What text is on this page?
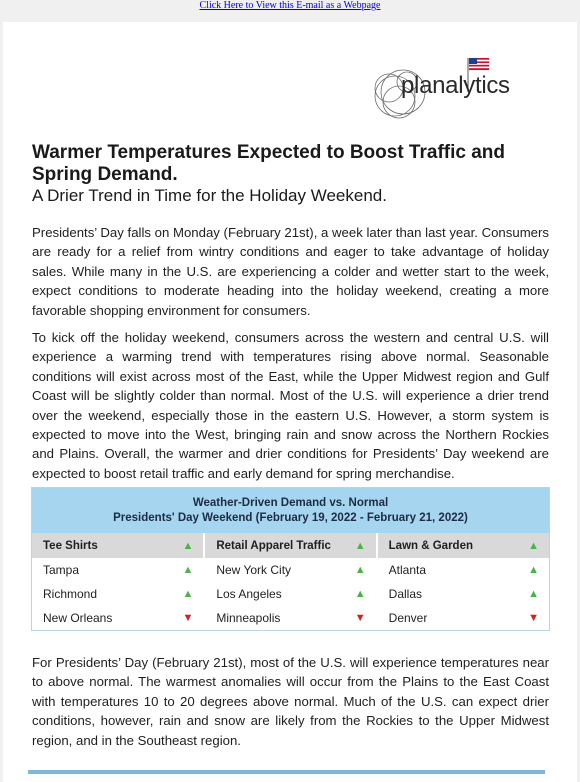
Click Here to View this E-mail as a Webpage
planalytics
Warmer Temperatures Expected to Boost Traffic and Spring Demand.
A Drier Trend in Time for the Holiday Weekend.

Presidents’ Day falls on Monday (February 21st), a week later than last year. Consumers are ready for a relief from wintry conditions and eager to take advantage of holiday sales. While many in the U.S. are experiencing a colder and wetter start to the week, expect conditions to moderate heading into the holiday weekend, creating a more favorable shopping environment for consumers.

To kick off the holiday weekend, consumers across the western and central U.S. will experience a warming trend with temperatures rising above normal. Seasonable conditions will exist across most of the East, while the Upper Midwest region and Gulf Coast will be slightly colder than normal. Most of the U.S. will experience a drier trend over the weekend, especially those in the eastern U.S. However, a storm system is expected to move into the West, bringing rain and snow across the Northern Rockies and Plains. Overall, the warmer and drier conditions for Presidents’ Day weekend are expected to boost retail traffic and early demand for spring merchandise.

Weather-Driven Demand vs. Normal
Presidents' Day Weekend (February 19, 2022 - February 21, 2022)
Tee Shirts ▲	Retail Apparel Traffic ▲	Lawn & Garden ▲

Tampa ▲	New York City ▲	Atlanta ▲

Richmond ▲	Los Angeles ▲	Dallas ▲

New Orleans ▼	Minneapolis ▼	Denver ▼

For Presidents’ Day (February 21st), most of the U.S. will experience temperatures near to above normal. The warmest anomalies will occur from the Plains to the East Coast with temperatures 10 to 20 degrees above normal. Much of the U.S. can expect drier conditions, however, rain and snow are likely from the Rockies to the Upper Midwest region, and in the Southeast region.
